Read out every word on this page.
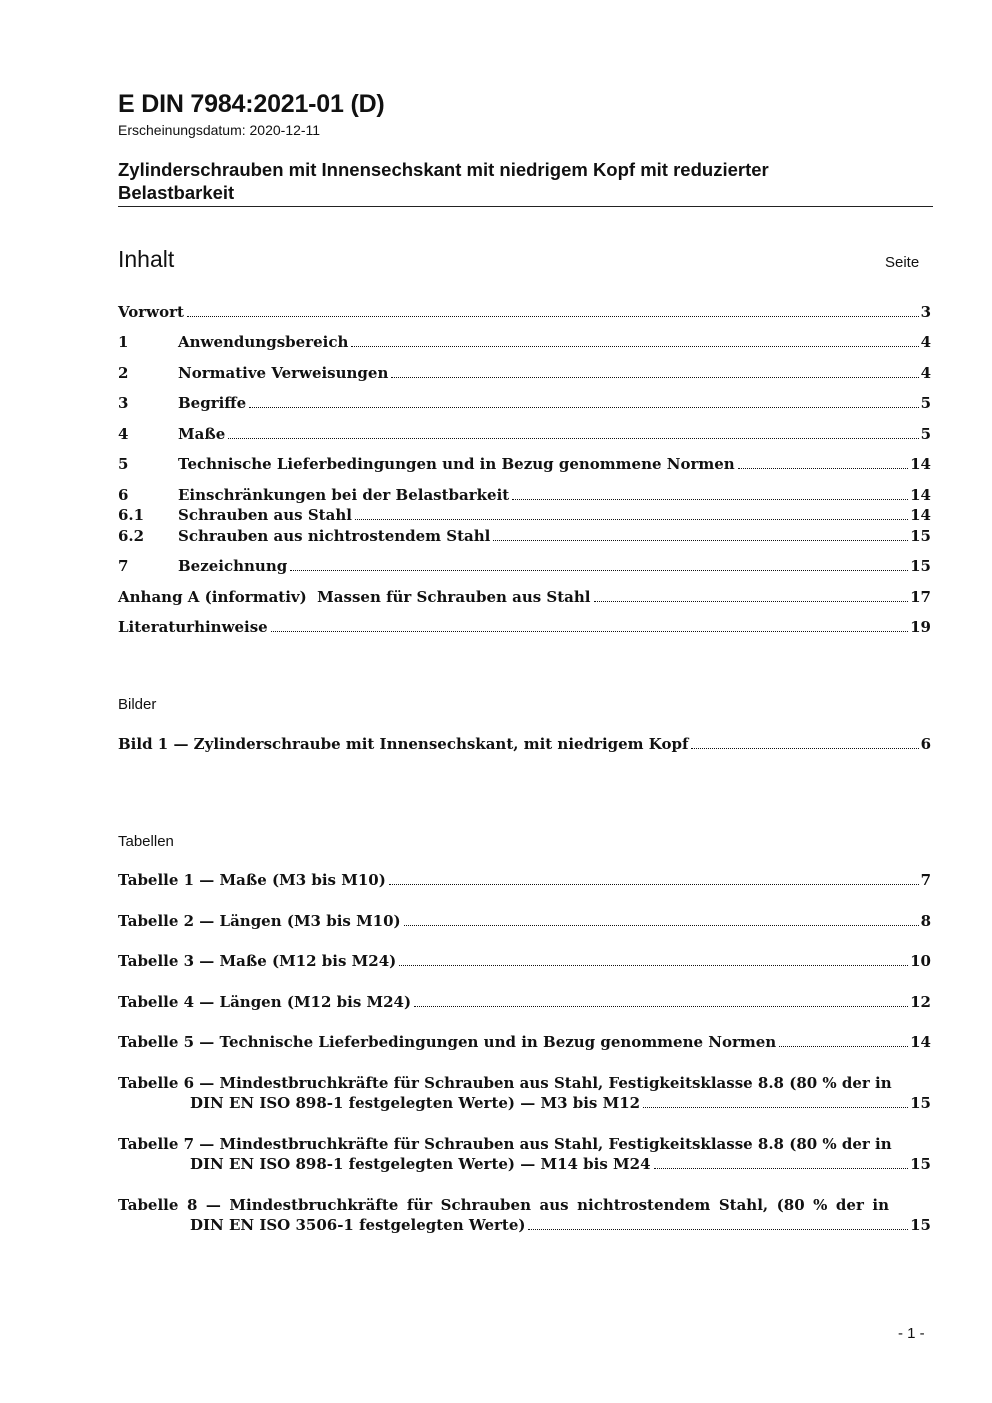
E DIN 7984:2021-01 (D)
Erscheinungsdatum: 2020-12-11
Zylinderschrauben mit Innensechskant mit niedrigem Kopf mit reduzierter Belastbarkeit
Inhalt	Seite
Vorwort	3
1	Anwendungsbereich	4
2	Normative Verweisungen	4
3	Begriffe	5
4	Maße	5
5	Technische Lieferbedingungen und in Bezug genommene Normen	14
6	Einschränkungen bei der Belastbarkeit	14
6.1	Schrauben aus Stahl	14
6.2	Schrauben aus nichtrostendem Stahl	15
7	Bezeichnung	15
Anhang A (informativ)  Massen für Schrauben aus Stahl	17
Literaturhinweise	19
Bilder
Bild 1 — Zylinderschraube mit Innensechskant, mit niedrigem Kopf	6
Tabellen
Tabelle 1 — Maße (M3 bis M10)	7
Tabelle 2 — Längen (M3 bis M10)	8
Tabelle 3 — Maße (M12 bis M24)	10
Tabelle 4 — Längen (M12 bis M24)	12
Tabelle 5 — Technische Lieferbedingungen und in Bezug genommene Normen	14
Tabelle 6 — Mindestbruchkräfte für Schrauben aus Stahl, Festigkeitsklasse 8.8 (80 % der in
DIN EN ISO 898-1 festgelegten Werte) — M3 bis M12	15
Tabelle 7 — Mindestbruchkräfte für Schrauben aus Stahl, Festigkeitsklasse 8.8 (80 % der in
DIN EN ISO 898-1 festgelegten Werte) — M14 bis M24	15
Tabelle 8 — Mindestbruchkräfte für Schrauben aus nichtrostendem Stahl, (80 % der in
DIN EN ISO 3506-1 festgelegten Werte)	15
- 1 -
